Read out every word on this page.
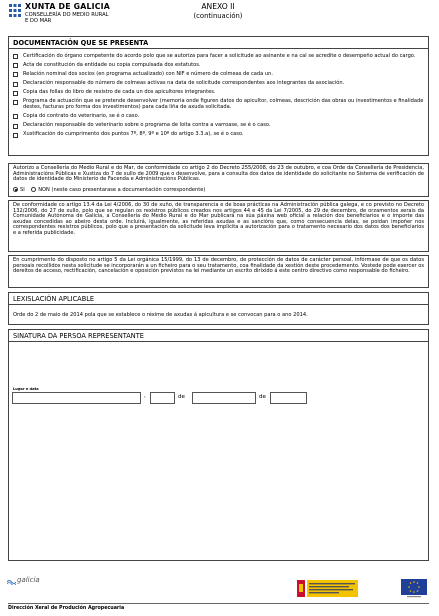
XUNTA DE GALICIA
CONSELLERÍA DO MEDIO RURAL
E DO MAR
ANEXO II
(continuación)
DOCUMENTACIÓN QUE SE PRESENTA
Certificación do órgano competente do acordo polo que se autoriza para facer a solicitude ao asinante e na cal se acredite o desempeño actual do cargo.
Acta de constitución da entidade ou copia compulsada dos estatutos.
Relación nominal dos socios (en programa actualizado) con NIF e número de colmeas de cada un.
Declaración responsable do número de colmeas activas na data de solicitude correspondentes aos integrantes da asociación.
Copia das follas do libro de rexistro de cada un dos apicultores integrantes.
Programa de actuación que se pretende desenvolver (memoria onde figuren datos do apicultor, colmeas, descrición das obras ou investimentos e finalidade destes, facturas pro forma dos investimentos) para cada liña de axuda solicitada.
Copia do contrato do veterinario, se é o caso.
Declaración responsable do veterinario sobre o programa de loita contra a varroase, se é o caso.
Xustificación do cumprimento dos puntos 7º, 8º, 9º e 10º do artigo 3.3.a), se é o caso.
Autorizo a Consellería do Medio Rural e do Mar, de conformidade co artigo 2 do Decreto 255/2008, do 23 de outubro, e coa Orde da Consellería de Presidencia, Administracións Públicas e Xustiza do 7 de xullo de 2009 que o desenvolve, para a consulta dos datos de identidade do solicitante no Sistema de verificación de datos de identidade do Ministerio de Facenda e Administracións Públicas.
SI	NON (neste caso presentarase a documentación correspondente)
De conformidade co artigo 13.4 da Lei 4/2006, do 30 de xuño, de transparencia e de boas prácticas na Administración pública galega, e co previsto no Decreto 132/2006, do 27 de xullo, polo que se regulan os rexistros públicos creados nos artigos 44 e 45 da Lei 7/2005, do 29 de decembro, de orzamentos xerais da Comunidade Autónoma de Galicia, a Consellería do Medio Rural e do Mar publicará na súa páxina web oficial a relación dos beneficiarios e o importe das axudas concedidas ao abeiro desta orde. Incluirá, igualmente, as referidas axudas e as sancións que, como consecuencia delas, se poidan impoñer nos correspondentes rexistros públicos, polo que a presentación da solicitude leva implícita a autorización para o tratamento necesario dos datos dos beneficiarios e a referida publicidade.
En cumprimento do disposto no artigo 5 da Lei orgánica 15/1999, do 13 de decembro, de protección de datos de carácter persoal, infórmase de que os datos persoais recollidos nesta solicitude se incorporarán a un ficheiro para o seu tratamento, coa finalidade da xestión deste procedemento. Vostede pode exercer os dereitos de acceso, rectificación, cancelación e oposición previstos na lei mediante un escrito dirixido á este centro directivo como responsable do ficheiro.
LEXISLACIÓN APLICABLE
Orde do 2 de maio de 2014 pola que se establece o réxime de axudas á apicultura e se convocan para o ano 2014.
SINATURA DA PERSOA REPRESENTANTE
Lugar e data
,	de	de
galicia
Dirección Xeral de Produción Agropecuaria
